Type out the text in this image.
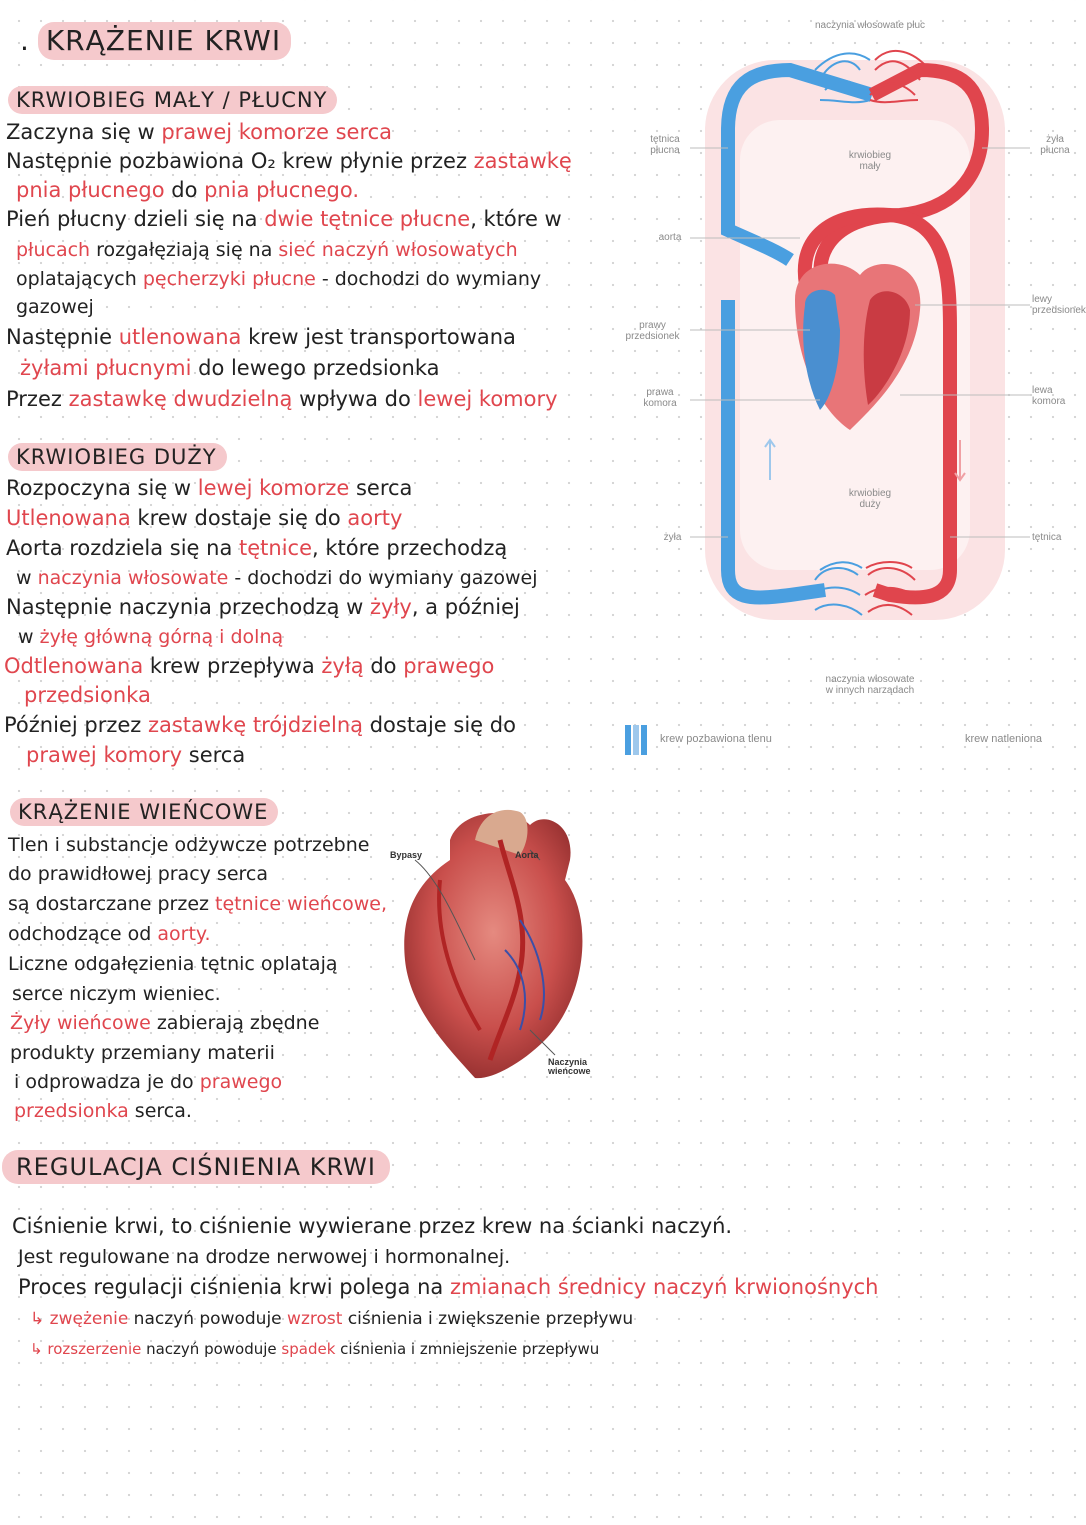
. KRĄŻENIE KRWI
KRWIOBIEG MAŁY / PŁUCNY
Zaczyna się w prawej komorze serca
Następnie pozbawiona O₂ krew płynie przez zastawkę
pnia płucnego do pnia płucnego.
Pień płucny dzieli się na dwie tętnice płucne, które w
płucach rozgałęziają się na sieć naczyń włosowatych
oplatających pęcherzyki płucne - dochodzi do wymiany
gazowej
Następnie utlenowana krew jest transportowana
żyłami płucnymi do lewego przedsionka
Przez zastawkę dwudzielną wpływa do lewej komory
KRWIOBIEG DUŻY
Rozpoczyna się w lewej komorze serca
Utlenowana krew dostaje się do aorty
Aorta rozdziela się na tętnice, które przechodzą
w naczynia włosowate - dochodzi do wymiany gazowej
Następnie naczynia przechodzą w żyły, a później
w żyłę główną górną i dolną
Odtlenowana krew przepływa żyłą do prawego
przedsionka
Później przez zastawkę trójdzielną dostaje się do
prawej komory serca
KRĄŻENIE WIEŃCOWE
Tlen i substancje odżywcze potrzebne
do prawidłowej pracy serca
są dostarczane przez tętnice wieńcowe,
odchodzące od aorty.
Liczne odgałęzienia tętnic oplatają
serce niczym wieniec.
Żyły wieńcowe zabierają zbędne
produkty przemiany materii
i odprowadza je do prawego
przedsionka serca.
Bypasy	Aorta
Naczynia
wieńcowe
naczynia włosowate płuc
tętnica
płucna
żyła
płucna
aorta
prawy
przedsionek
prawa
komora
lewy
przedsionek
lewa
komora
krwiobieg
mały
krwiobieg
duży
żyła	tętnica
naczynia włosowate
w innych narządach
krew pozbawiona tlenu	krew natleniona
REGULACJA CIŚNIENIA KRWI
Ciśnienie krwi, to ciśnienie wywierane przez krew na ścianki naczyń.
Jest regulowane na drodze nerwowej i hormonalnej.
Proces regulacji ciśnienia krwi polega na zmianach średnicy naczyń krwionośnych
↳ zwężenie naczyń powoduje wzrost ciśnienia i zwiększenie przepływu
↳ rozszerzenie naczyń powoduje spadek ciśnienia i zmniejszenie przepływu
